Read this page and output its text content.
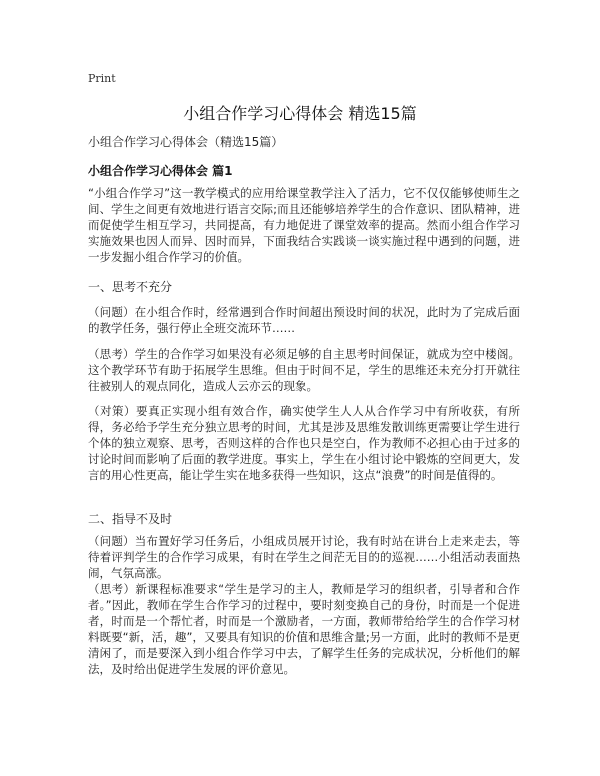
Print
小组合作学习心得体会 精选15篇
小组合作学习心得体会（精选15篇）
小组合作学习心得体会 篇1

“小组合作学习”这一教学模式的应用给课堂教学注入了活力，它不仅仅能够使师生之间、学生之间更有效地进行语言交际;而且还能够培养学生的合作意识、团队精神，进而促使学生相互学习，共同提高，有力地促进了课堂效率的提高。然而小组合作学习实施效果也因人而异、因时而异，下面我结合实践谈一谈实施过程中遇到的问题，进一步发掘小组合作学习的价值。

一、思考不充分

（问题）在小组合作时，经常遇到合作时间超出预设时间的状况，此时为了完成后面的教学任务，强行停止全班交流环节……

（思考）学生的合作学习如果没有必须足够的自主思考时间保证，就成为空中楼阁。这个教学环节有助于拓展学生思维。但由于时间不足，学生的思维还未充分打开就往往被别人的观点同化，造成人云亦云的现象。

（对策）要真正实现小组有效合作，确实使学生人人从合作学习中有所收获，有所得，务必给予学生充分独立思考的时间，尤其是涉及思维发散训练更需要让学生进行个体的独立观察、思考，否则这样的合作也只是空白，作为教师不必担心由于过多的讨论时间而影响了后面的教学进度。事实上，学生在小组讨论中锻炼的空间更大，发言的用心性更高，能让学生实在地多获得一些知识，这点“浪费”的时间是值得的。

二、指导不及时

（问题）当布置好学习任务后，小组成员展开讨论，我有时站在讲台上走来走去，等待着评判学生的合作学习成果，有时在学生之间茫无目的的巡视……小组活动表面热闹，气氛高涨。

（思考）新课程标准要求“学生是学习的主人，教师是学习的组织者，引导者和合作者。”因此，教师在学生合作学习的过程中，要时刻变换自己的身份，时而是一个促进者，时而是一个帮忙者，时而是一个激励者，一方面，教师带给给学生的合作学习材料既要“新，活，趣”，又要具有知识的价值和思维含量;另一方面，此时的教师不是更清闲了，而是要深入到小组合作学习中去，了解学生任务的完成状况，分析他们的解法，及时给出促进学生发展的评价意见。
